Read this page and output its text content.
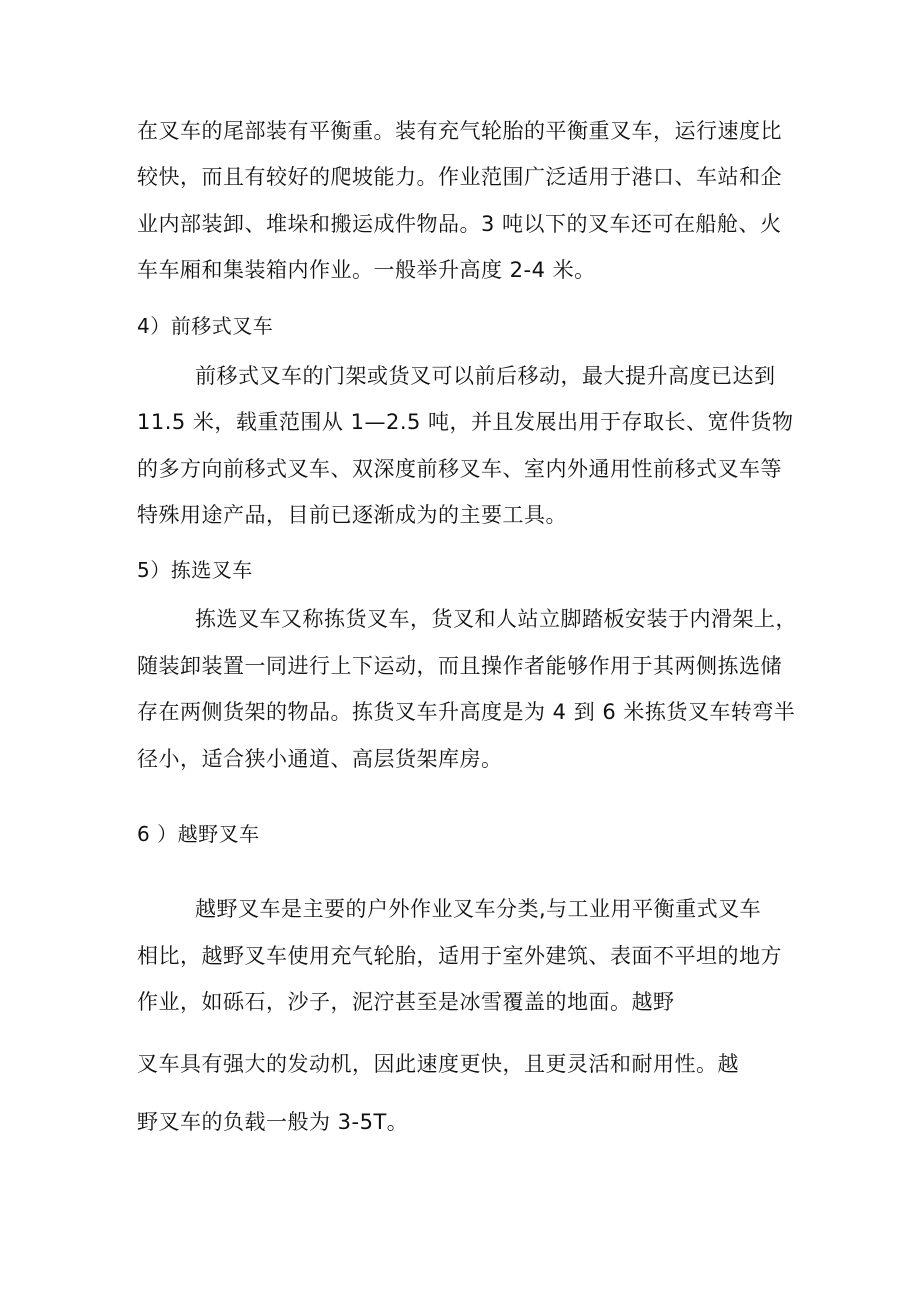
在叉车的尾部装有平衡重。装有充气轮胎的平衡重叉车，运行速度比
较快，而且有较好的爬坡能力。作业范围广泛适用于港口、车站和企
业内部装卸、堆垛和搬运成件物品。3 吨以下的叉车还可在船舱、火
车车厢和集装箱内作业。一般举升高度 2-4 米。
4）前移式叉车
前移式叉车的门架或货叉可以前后移动，最大提升高度已达到
11.5 米，载重范围从 1—2.5 吨，并且发展出用于存取长、宽件货物
的多方向前移式叉车、双深度前移叉车、室内外通用性前移式叉车等
特殊用途产品，目前已逐渐成为的主要工具。
5）拣选叉车
拣选叉车又称拣货叉车，货叉和人站立脚踏板安装于内滑架上，
随装卸装置一同进行上下运动，而且操作者能够作用于其两侧拣选储
存在两侧货架的物品。拣货叉车升高度是为 4 到 6 米拣货叉车转弯半
径小，适合狭小通道、高层货架库房。
6 ）越野叉车
越野叉车是主要的户外作业叉车分类,与工业用平衡重式叉车
相比，越野叉车使用充气轮胎，适用于室外建筑、表面不平坦的地方
作业，如砾石，沙子，泥泞甚至是冰雪覆盖的地面。越野
叉车具有强大的发动机，因此速度更快，且更灵活和耐用性。越
野叉车的负载一般为 3-5T。
